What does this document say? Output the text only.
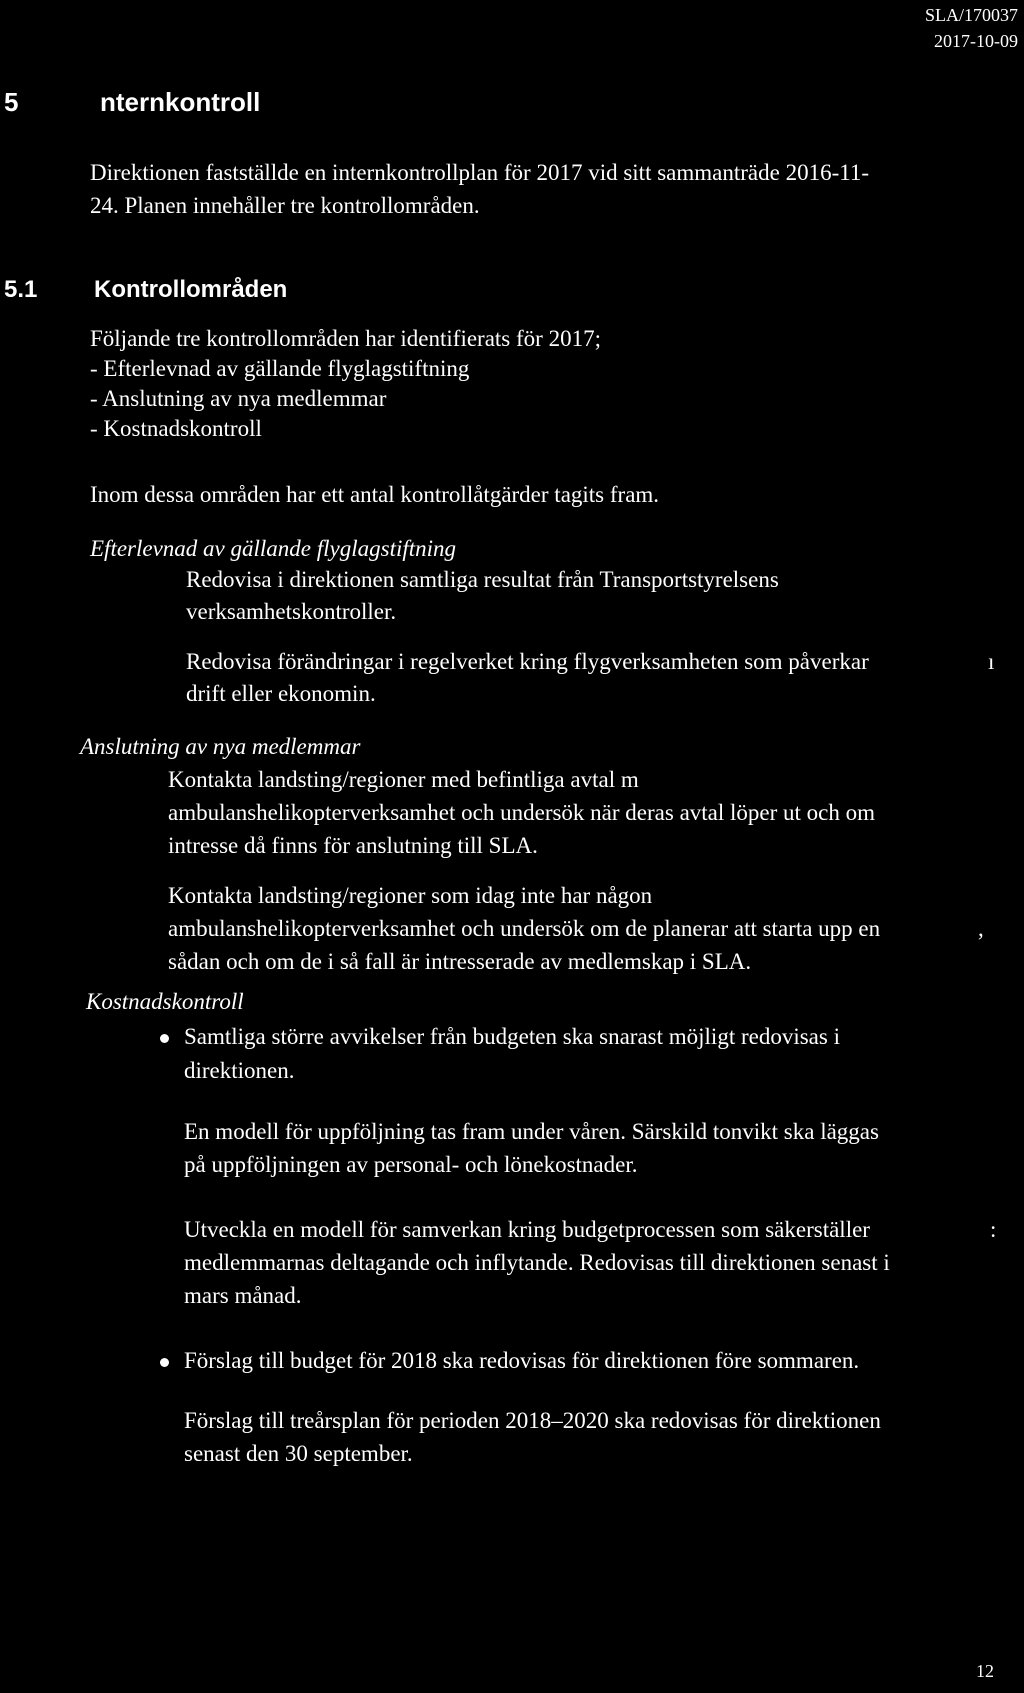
SLA/170037
2017-10-09
5	nternkontroll
Direktionen fastställde en internkontrollplan för 2017 vid sitt sammanträde 2016-11-
24. Planen innehåller tre kontrollområden.
5.1 Kontrollområden
Följande tre kontrollområden har identifierats för 2017;
- Efterlevnad av gällande flyglagstiftning
- Anslutning av nya medlemmar
- Kostnadskontroll
Inom dessa områden har ett antal kontrollåtgärder tagits fram.
Efterlevnad av gällande flyglagstiftning
Redovisa i direktionen samtliga resultat från Transportstyrelsens
verksamhetskontroller.
Redovisa förändringar i regelverket kring flygverksamheten som påverkar
drift eller ekonomin.
ı
Anslutning av nya medlemmar
Kontakta landsting/regioner med befintliga avtal m
ambulanshelikopterverksamhet och undersök när deras avtal löper ut och om
intresse då finns för anslutning till SLA.
Kontakta landsting/regioner som idag inte har någon
ambulanshelikopterverksamhet och undersök om de planerar att starta upp en
sådan och om de i så fall är intresserade av medlemskap i SLA.
,
Kostnadskontroll
Samtliga större avvikelser från budgeten ska snarast möjligt redovisas i
direktionen.
En modell för uppföljning tas fram under våren. Särskild tonvikt ska läggas
på uppföljningen av personal- och lönekostnader.
Utveckla en modell för samverkan kring budgetprocessen som säkerställer
medlemmarnas deltagande och inflytande. Redovisas till direktionen senast i
mars månad.
:
Förslag till budget för 2018 ska redovisas för direktionen före sommaren.
Förslag till treårsplan för perioden 2018–2020 ska redovisas för direktionen
senast den 30 september.
12
